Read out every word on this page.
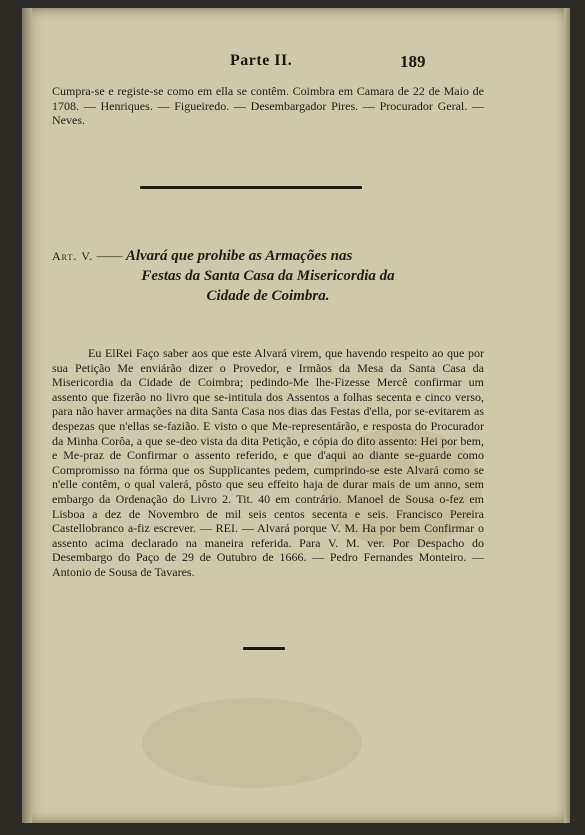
Parte II.	189
Cumpra-se e registe-se como em ella se contêm. Coimbra em Camara de 22 de Maio de 1708. — Henriques. — Figueiredo. — Desembargador Pires. — Procurador Geral. — Neves.
Art. V. —— Alvará que prohibe as Armações nas
Festas da Santa Casa da Misericordia da
Cidade de Coimbra.
Eu ElRei Faço saber aos que este Alvará virem, que havendo respeito ao que por sua Petição Me enviárão dizer o Provedor, e Irmãos da Mesa da Santa Casa da Misericordia da Cidade de Coimbra; pedindo-Me lhe-Fizesse Mercê confirmar um assento que fizerão no livro que se-intitula dos Assentos a folhas secenta e cinco verso, para não haver armações na dita Santa Casa nos dias das Festas d'ella, por se-evitarem as despezas que n'ellas se-fazião. E visto o que Me-representárão, e resposta do Procurador da Minha Corôa, a que se-deo vista da dita Petição, e cópia do dito assento: Hei por bem, e Me-praz de Confirmar o assento referido, e que d'aqui ao diante se-guarde como Compromisso na fórma que os Supplicantes pedem, cumprindo-se este Alvará como se n'elle contêm, o qual valerá, pôsto que seu effeito haja de durar mais de um anno, sem embargo da Ordenação do Livro 2. Tit. 40 em contrário. Manoel de Sousa o-fez em Lisboa a dez de Novembro de mil seis centos secenta e seis. Francisco Pereira Castellobranco a-fiz escrever. — REI. — Alvará porque V. M. Ha por bem Confirmar o assento acima declarado na maneira referida. Para V. M. ver. Por Despacho do Desembargo do Paço de 29 de Outubro de 1666. — Pedro Fernandes Monteiro. — Antonio de Sousa de Tavares.
